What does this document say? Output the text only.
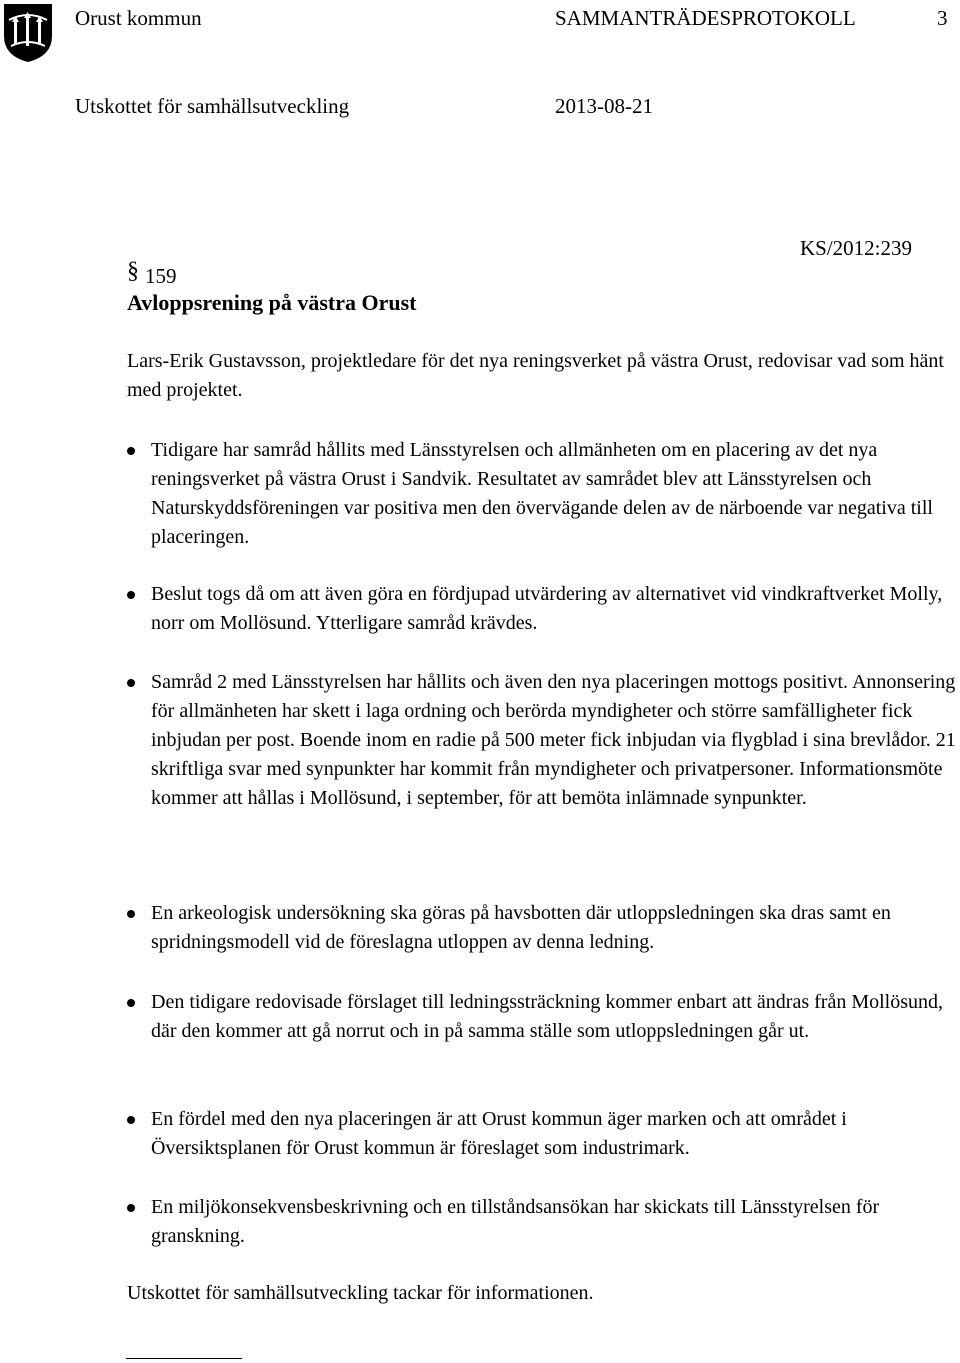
Orust kommun	SAMMANTRÄDESPROTOKOLL	3
Utskottet för samhällsutveckling	2013-08-21
KS/2012:239
§ 159
Avloppsrening på västra Orust
Lars-Erik Gustavsson, projektledare för det nya reningsverket på västra Orust, redovisar vad som hänt med projektet.
Tidigare har samråd hållits med Länsstyrelsen och allmänheten om en placering av det nya reningsverket på västra Orust i Sandvik. Resultatet av samrådet blev att Länsstyrelsen och Naturskyddsföreningen var positiva men den övervägande delen av de närboende var negativa till placeringen.
Beslut togs då om att även göra en fördjupad utvärdering av alternativet vid vindkraftverket Molly, norr om Mollösund. Ytterligare samråd krävdes.
Samråd 2 med Länsstyrelsen har hållits och även den nya placeringen mottogs positivt. Annonsering för allmänheten har skett i laga ordning och berörda myndigheter och större samfälligheter fick inbjudan per post. Boende inom en radie på 500 meter fick inbjudan via flygblad i sina brevlådor. 21 skriftliga svar med synpunkter har kommit från myndigheter och privatpersoner. Informationsmöte kommer att hållas i Mollösund, i september, för att bemöta inlämnade synpunkter.
En arkeologisk undersökning ska göras på havsbotten där utloppsledningen ska dras samt en spridningsmodell vid de föreslagna utloppen av denna ledning.
Den tidigare redovisade förslaget till ledningssträckning kommer enbart att ändras från Mollösund, där den kommer att gå norrut och in på samma ställe som utloppsledningen går ut.
En fördel med den nya placeringen är att Orust kommun äger marken och att området i Översiktsplanen för Orust kommun är föreslaget som industrimark.
En miljökonsekvensbeskrivning och en tillståndsansökan har skickats till Länsstyrelsen för granskning.
Utskottet för samhällsutveckling tackar för informationen.
